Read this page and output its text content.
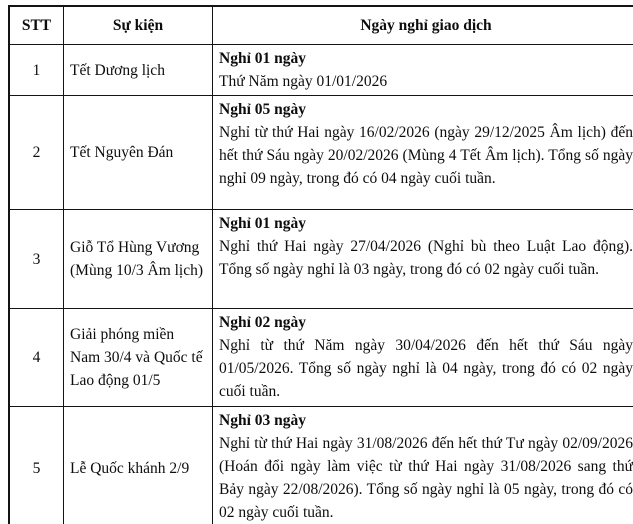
STT	Sự kiện	Ngày nghỉ giao dịch
1	Tết Dương lịch	Nghỉ 01 ngày
Thứ Năm ngày 01/01/2026

2	Tết Nguyên Đán	Nghỉ 05 ngày
Nghỉ từ thứ Hai ngày 16/02/2026 (ngày 29/12/2025 Âm lịch) đến hết thứ Sáu ngày 20/02/2026 (Mùng 4 Tết Âm lịch). Tổng số ngày nghỉ 09 ngày, trong đó có 04 ngày cuối tuần.

3	Giỗ Tổ Hùng Vương (Mùng 10/3 Âm lịch)	Nghỉ 01 ngày
Nghỉ thứ Hai ngày 27/04/2026 (Nghỉ bù theo Luật Lao động). Tổng số ngày nghỉ là 03 ngày, trong đó có 02 ngày cuối tuần.

4	Giải phóng miền Nam 30/4 và Quốc tế Lao động 01/5	Nghỉ 02 ngày
Nghỉ từ thứ Năm ngày 30/04/2026 đến hết thứ Sáu ngày 01/05/2026. Tổng số ngày nghỉ là 04 ngày, trong đó có 02 ngày cuối tuần.

5	Lễ Quốc khánh 2/9	Nghỉ 03 ngày
Nghỉ từ thứ Hai ngày 31/08/2026 đến hết thứ Tư ngày 02/09/2026 (Hoán đổi ngày làm việc từ thứ Hai ngày 31/08/2026 sang thứ Bảy ngày 22/08/2026). Tổng số ngày nghỉ là 05 ngày, trong đó có 02 ngày cuối tuần.
